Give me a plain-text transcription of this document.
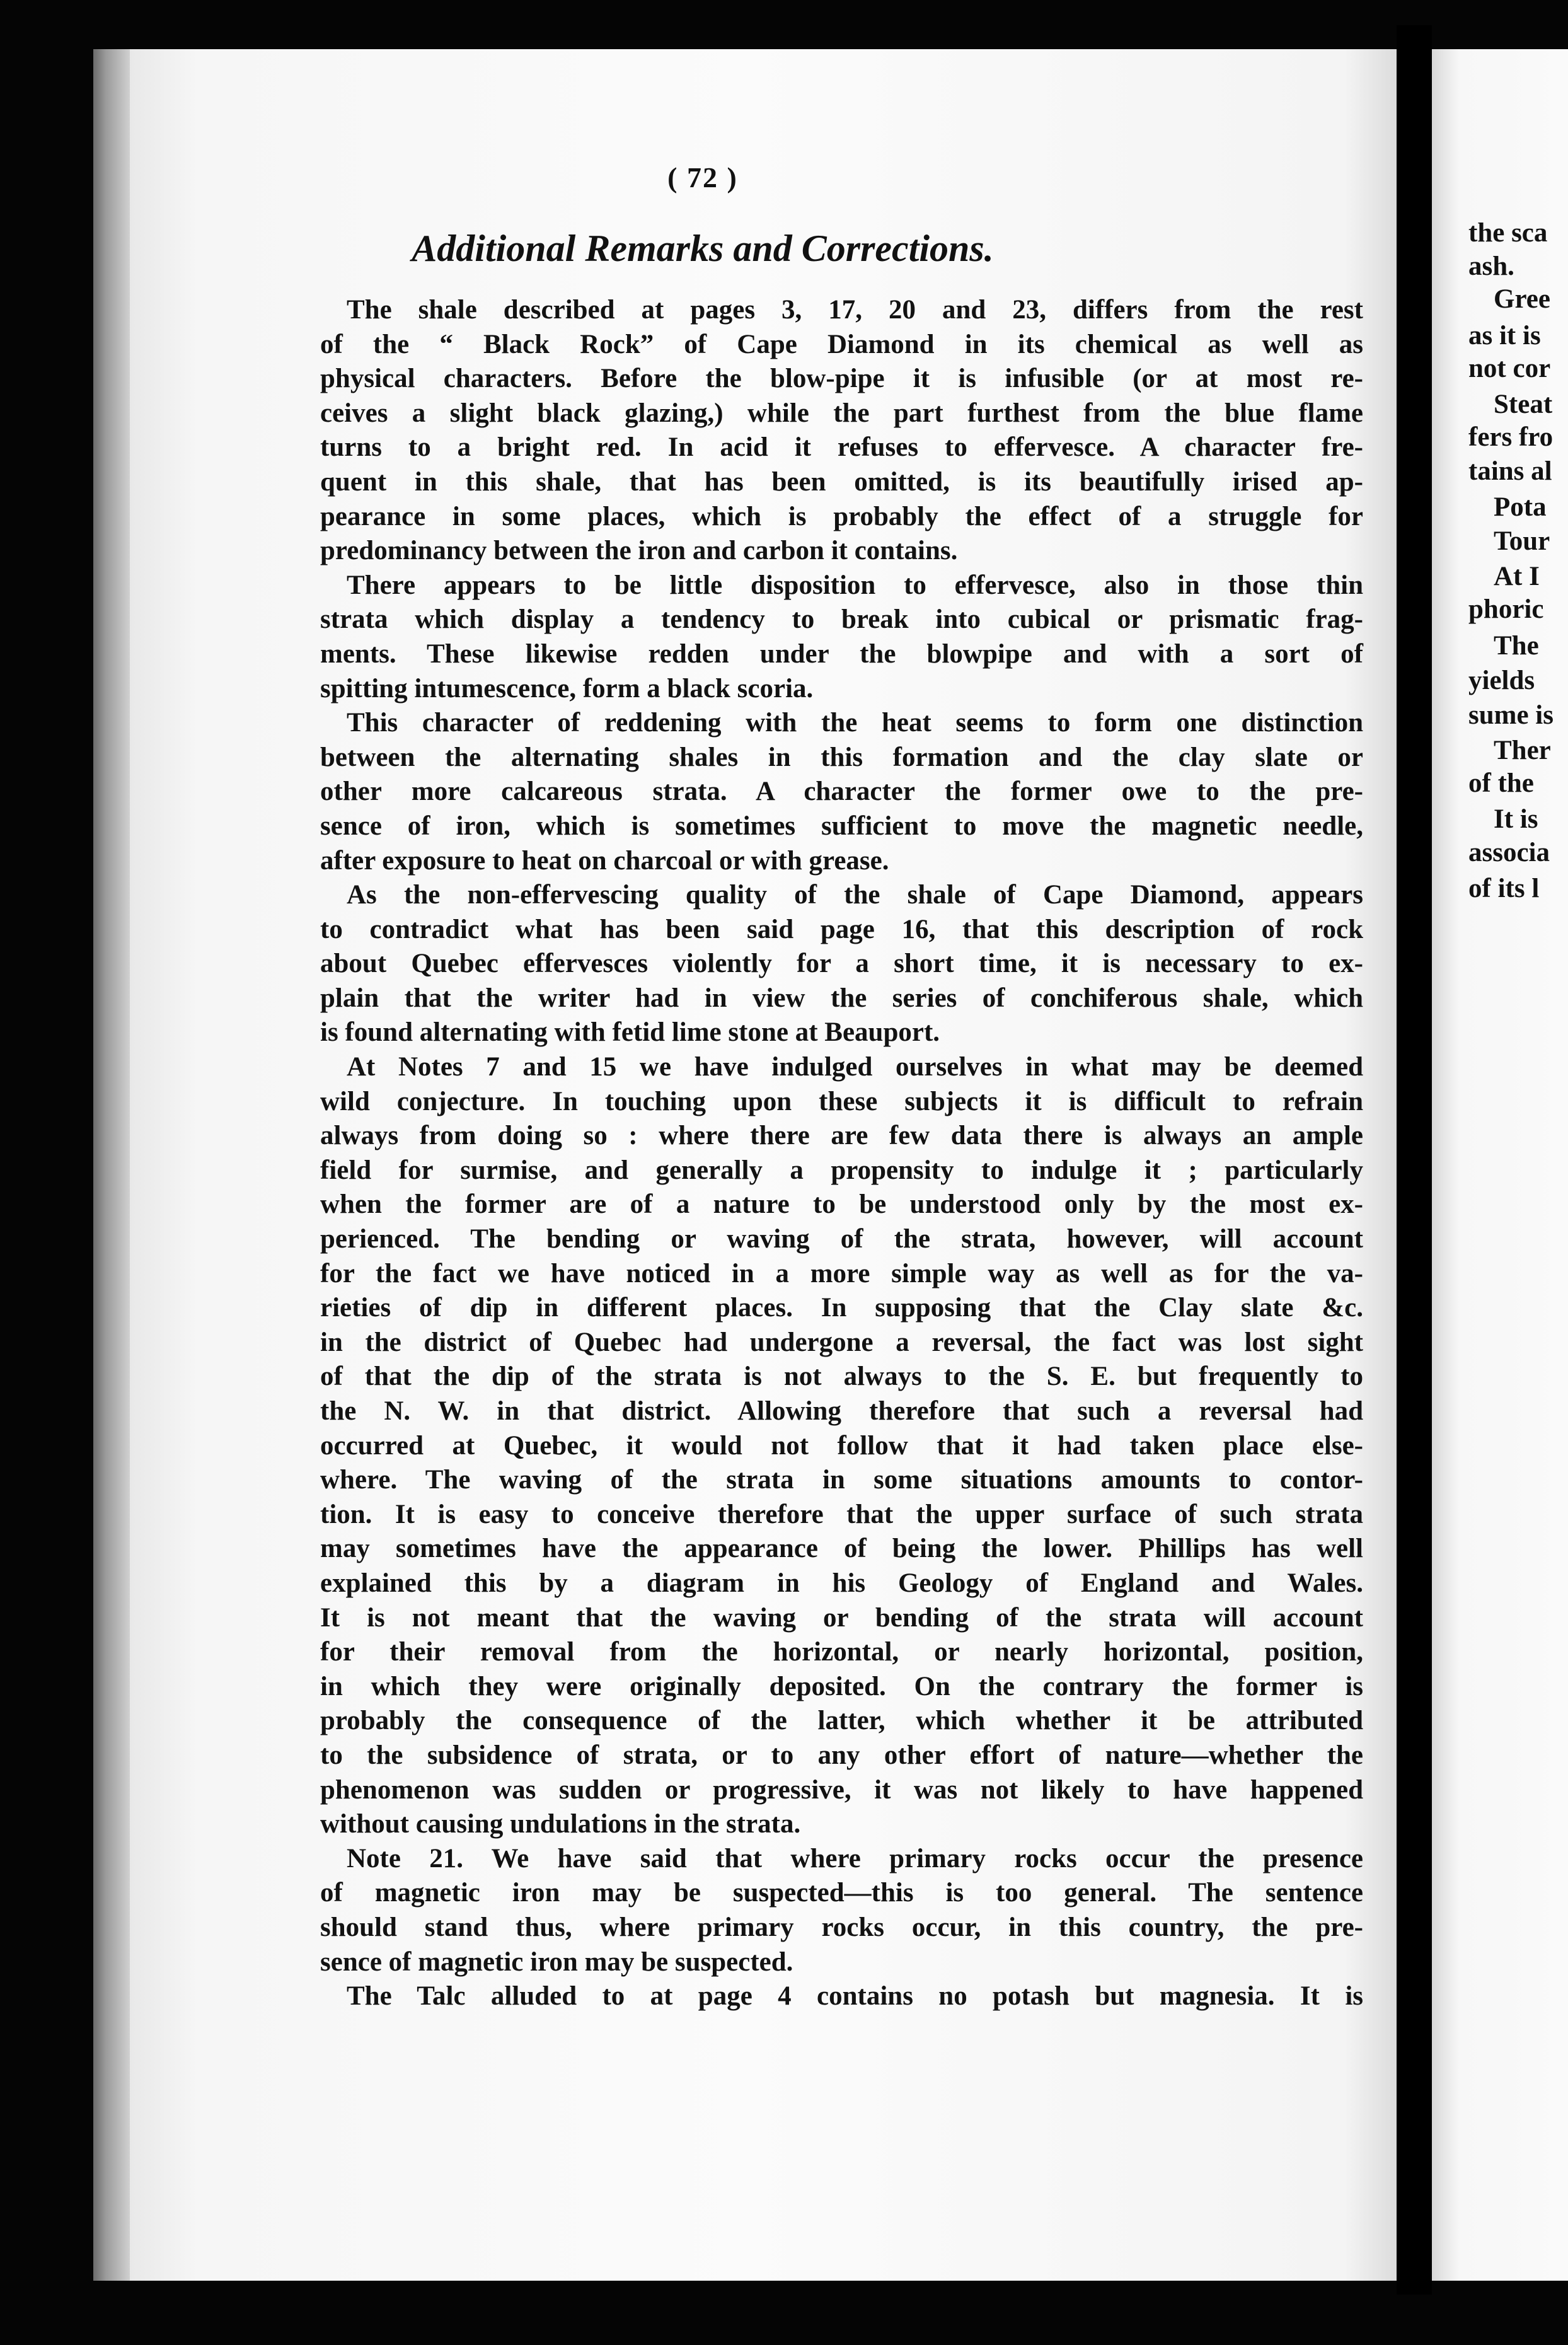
( 72 )
Additional Remarks and Corrections.
The shale described at pages 3, 17, 20 and 23, differs from the rest
of the “ Black Rock” of Cape Diamond in its chemical as well as
physical characters. Before the blow-pipe it is infusible (or at most re-
ceives a slight black glazing,) while the part furthest from the blue flame
turns to a bright red. In acid it refuses to effervesce. A character fre-
quent in this shale, that has been omitted, is its beautifully irised ap-
pearance in some places, which is probably the effect of a struggle for
predominancy between the iron and carbon it contains.
There appears to be little disposition to effervesce, also in those thin
strata which display a tendency to break into cubical or prismatic frag-
ments. These likewise redden under the blowpipe and with a sort of
spitting intumescence, form a black scoria.
This character of reddening with the heat seems to form one distinction
between the alternating shales in this formation and the clay slate or
other more calcareous strata. A character the former owe to the pre-
sence of iron, which is sometimes sufficient to move the magnetic needle,
after exposure to heat on charcoal or with grease.
As the non-effervescing quality of the shale of Cape Diamond, appears
to contradict what has been said page 16, that this description of rock
about Quebec effervesces violently for a short time, it is necessary to ex-
plain that the writer had in view the series of conchiferous shale, which
is found alternating with fetid lime stone at Beauport.
At Notes 7 and 15 we have indulged ourselves in what may be deemed
wild conjecture. In touching upon these subjects it is difficult to refrain
always from doing so : where there are few data there is always an ample
field for surmise, and generally a propensity to indulge it ; particularly
when the former are of a nature to be understood only by the most ex-
perienced. The bending or waving of the strata, however, will account
for the fact we have noticed in a more simple way as well as for the va-
rieties of dip in different places. In supposing that the Clay slate &c.
in the district of Quebec had undergone a reversal, the fact was lost sight
of that the dip of the strata is not always to the S. E. but frequently to
the N. W. in that district. Allowing therefore that such a reversal had
occurred at Quebec, it would not follow that it had taken place else-
where. The waving of the strata in some situations amounts to contor-
tion. It is easy to conceive therefore that the upper surface of such strata
may sometimes have the appearance of being the lower. Phillips has well
explained this by a diagram in his Geology of England and Wales.
It is not meant that the waving or bending of the strata will account
for their removal from the horizontal, or nearly horizontal, position,
in which they were originally deposited. On the contrary the former is
probably the consequence of the latter, which whether it be attributed
to the subsidence of strata, or to any other effort of nature—whether the
phenomenon was sudden or progressive, it was not likely to have happened
without causing undulations in the strata.
Note 21. We have said that where primary rocks occur the presence
of magnetic iron may be suspected—this is too general. The sentence
should stand thus, where primary rocks occur, in this country, the pre-
sence of magnetic iron may be suspected.
The Talc alluded to at page 4 contains no potash but magnesia. It is
the sca
ash.
Gree
as it is
not cor
Steat
fers fro
tains al
Pota
Tour
At I
phoric
The
yields
sume is
Ther
of the
It is
associa
of its l
